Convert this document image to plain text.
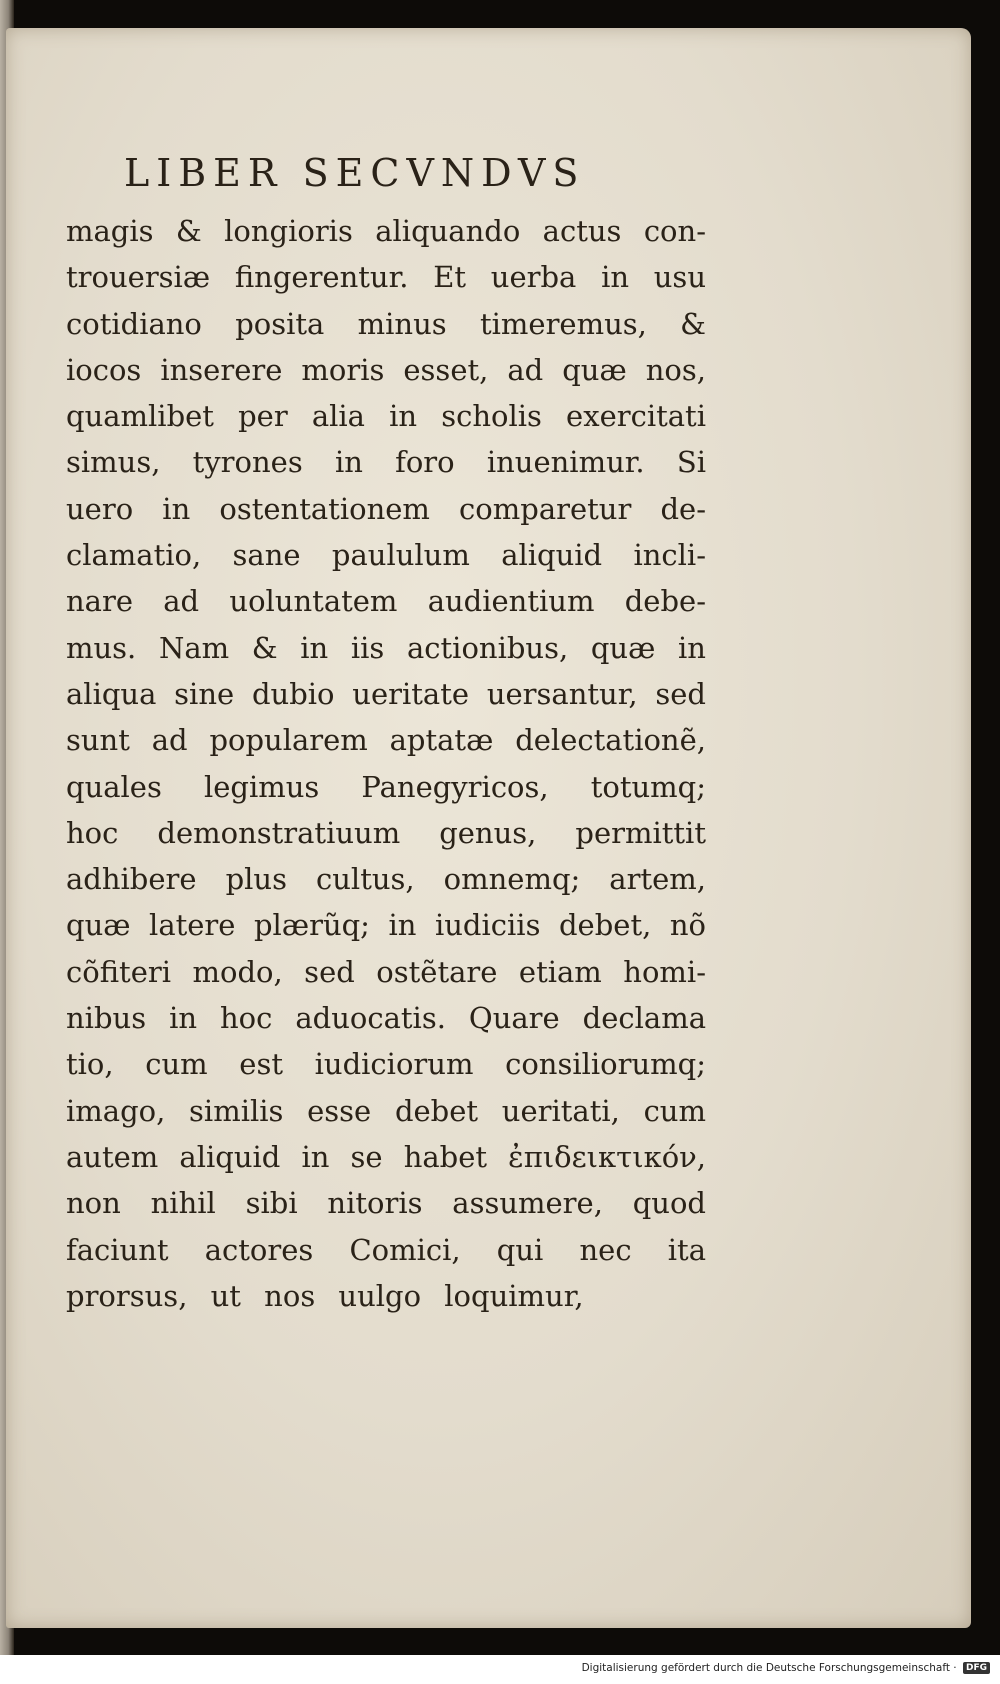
LIBER SECVNDVS
magis & longioris aliquando actus con-
trouersiæ fingerentur. Et uerba in usu
cotidiano posita minus timeremus, &
iocos inserere moris esset, ad quæ nos,
quamlibet per alia in scholis exercitati
simus, tyrones in foro inuenimur. Si
uero in ostentationem comparetur de-
clamatio, sane paululum aliquid incli-
nare ad uoluntatem audientium debe-
mus. Nam & in iis actionibus, quæ in
aliqua sine dubio ueritate uersantur, sed
sunt ad popularem aptatæ delectationẽ,
quales legimus Panegyricos, totumq;
hoc demonstratiuum genus, permittit
adhibere plus cultus, omnemq; artem,
quæ latere plærũq; in iudiciis debet, nõ
cõfiteri modo, sed ostẽtare etiam homi-
nibus in hoc aduocatis. Quare declama
tio, cum est iudiciorum consiliorumq;
imago, similis esse debet ueritati, cum
autem aliquid in se habet ἐπιδεικτικόν,
non nihil sibi nitoris assumere, quod
faciunt actores Comici, qui nec ita
prorsus, ut nos uulgo loquimur,
Digitalisierung gefördert durch die Deutsche Forschungsgemeinschaft · DFG
